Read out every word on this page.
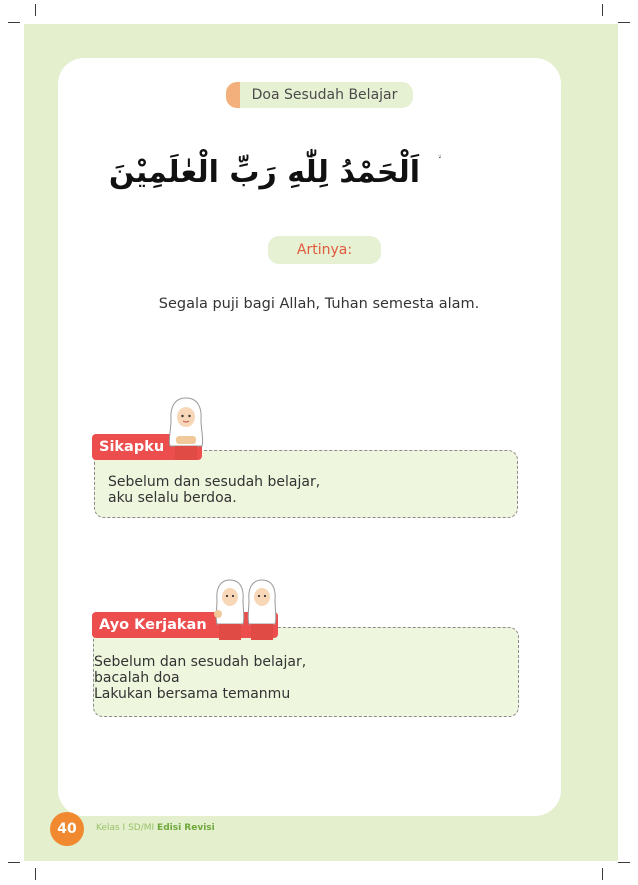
Doa Sesudah Belajar
اَلْحَمْدُ لِلّٰهِ رَبِّ الْعٰلَمِيْنَ
Artinya:
Segala puji bagi Allah, Tuhan semesta alam.
Sikapku
Sebelum dan sesudah belajar,
aku selalu berdoa.
Ayo Kerjakan
Sebelum dan sesudah belajar,
bacalah doa
Lakukan bersama temanmu
40 Kelas I SD/MI Edisi Revisi
